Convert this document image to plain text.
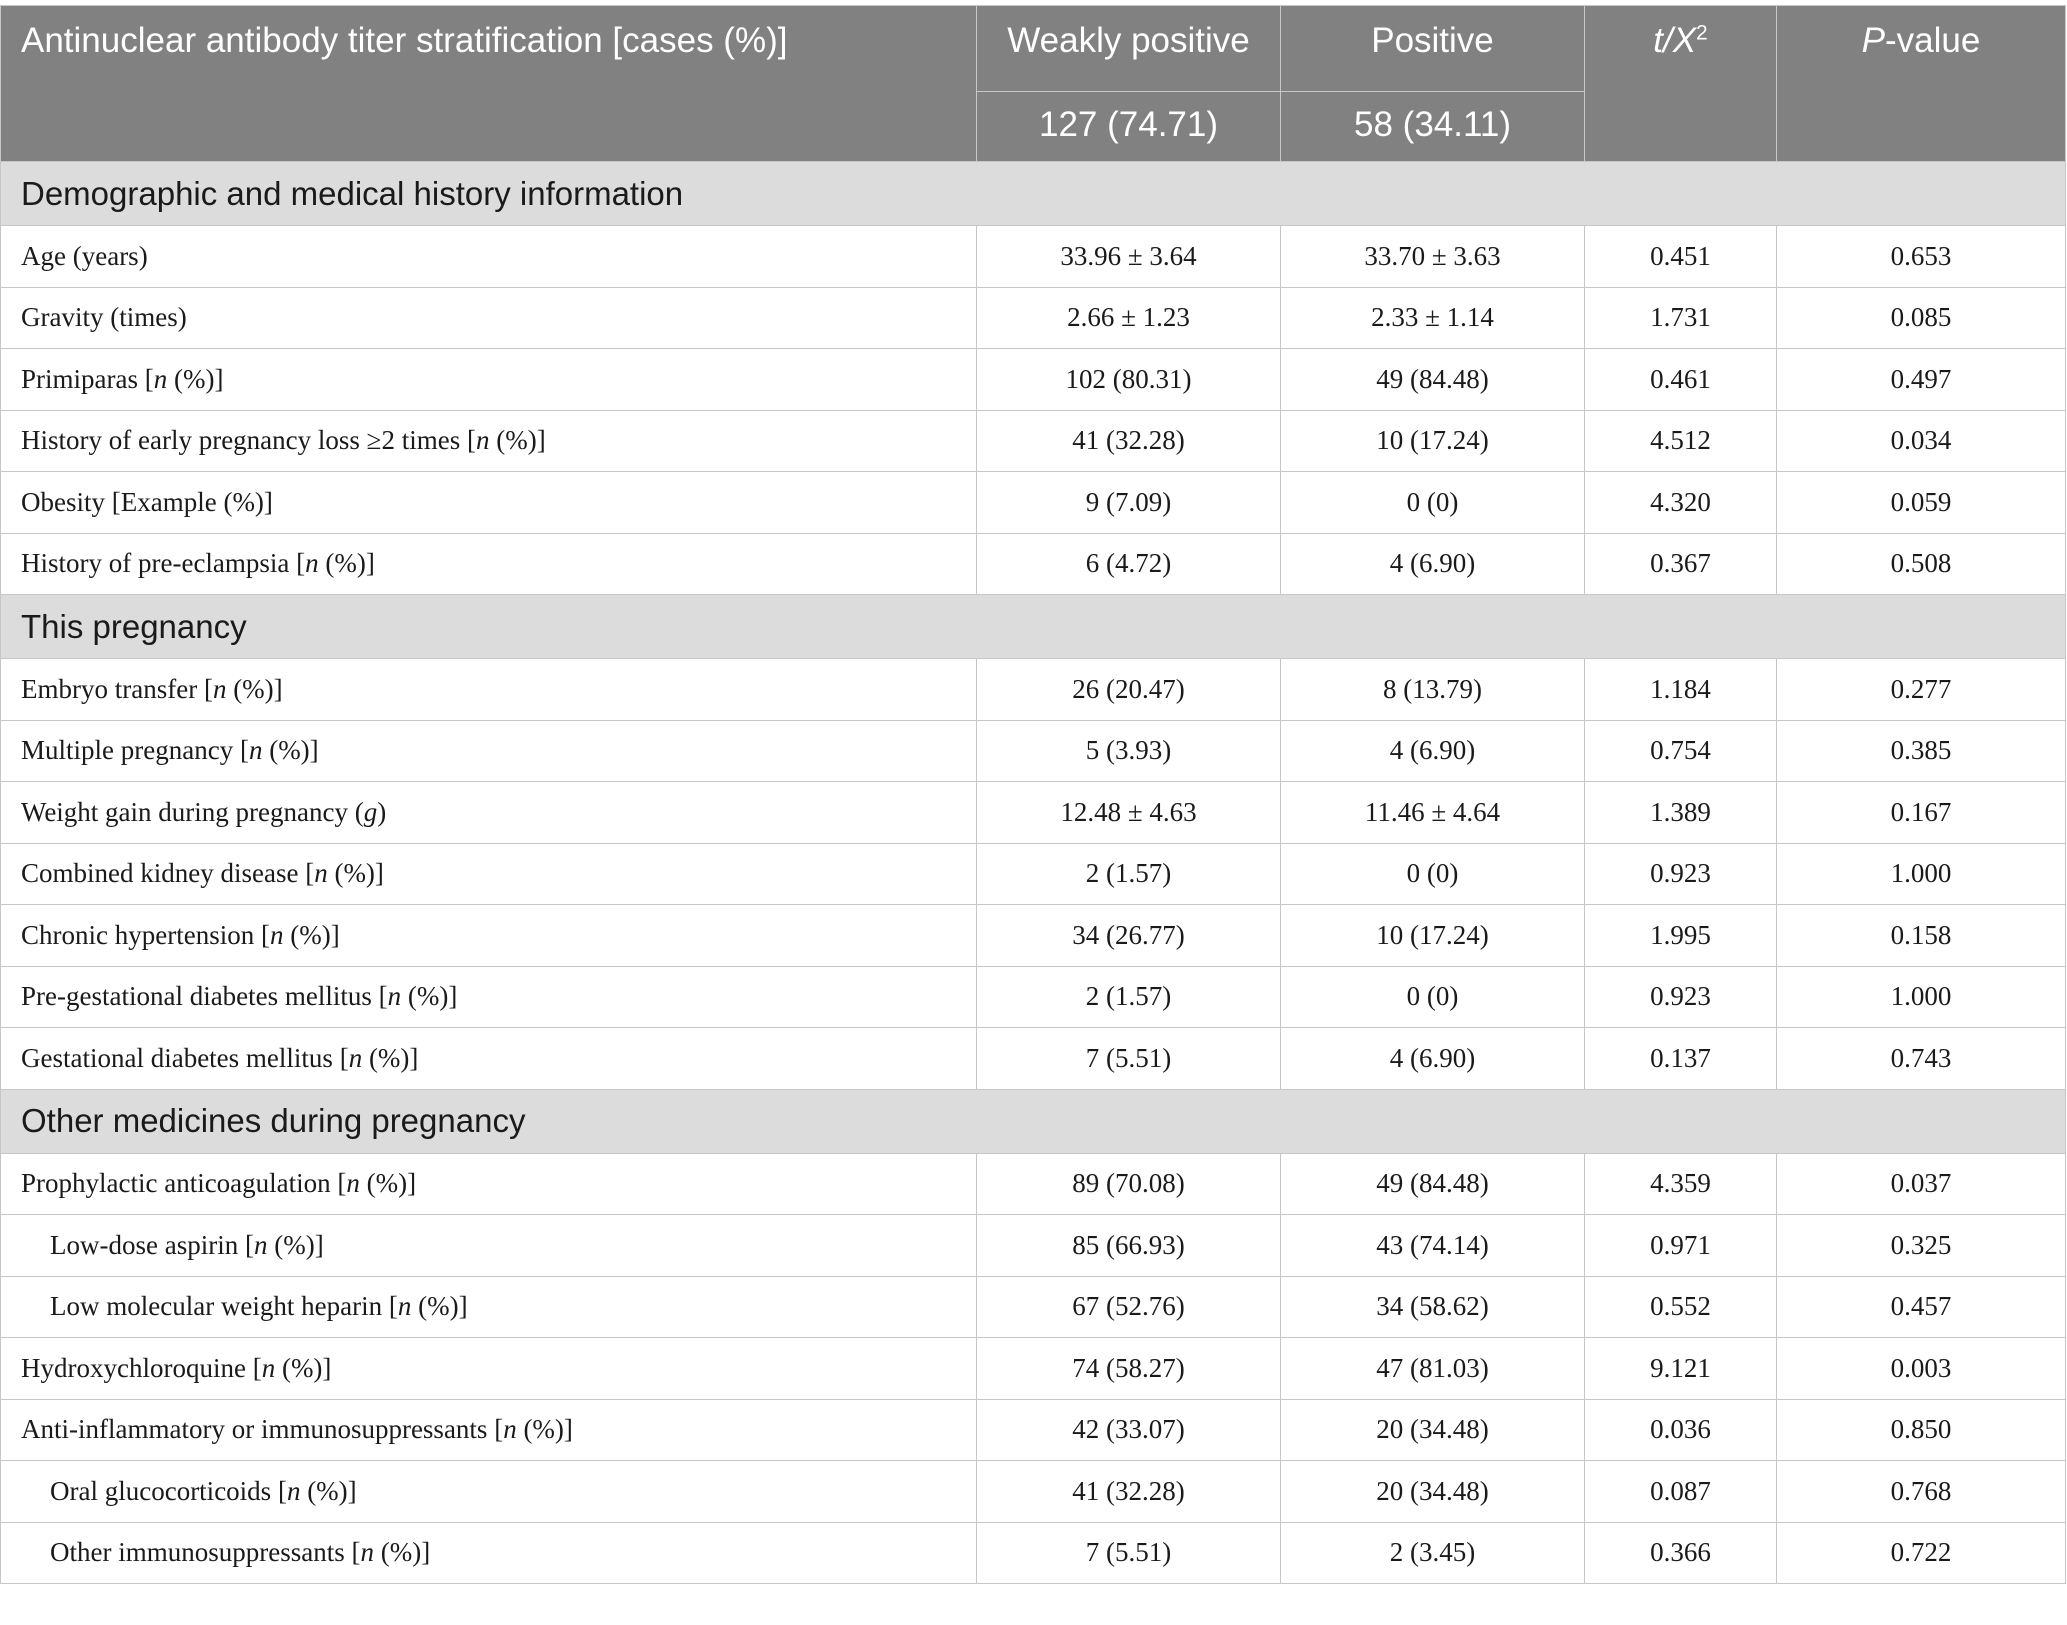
Antinuclear antibody titer stratification [cases (%)]	Weakly positive	Positive	$t/X^2$	P-value
	127 (74.71)	58 (34.11)		
Demographic and medical history information				
Age (years)	33.96 ± 3.64	33.70 ± 3.63	0.451	0.653
Gravity (times)	2.66 ± 1.23	2.33 ± 1.14	1.731	0.085
Primiparas [n (%)]	102 (80.31)	49 (84.48)	0.461	0.497
History of early pregnancy loss ≥2 times [n (%)]	41 (32.28)	10 (17.24)	4.512	0.034
Obesity [Example (%)]	9 (7.09)	0 (0)	4.320	0.059
History of pre-eclampsia [n (%)]	6 (4.72)	4 (6.90)	0.367	0.508
This pregnancy				
Embryo transfer [n (%)]	26 (20.47)	8 (13.79)	1.184	0.277
Multiple pregnancy [n (%)]	5 (3.93)	4 (6.90)	0.754	0.385
Weight gain during pregnancy (g)	12.48 ± 4.63	11.46 ± 4.64	1.389	0.167
Combined kidney disease [n (%)]	2 (1.57)	0 (0)	0.923	1.000
Chronic hypertension [n (%)]	34 (26.77)	10 (17.24)	1.995	0.158
Pre-gestational diabetes mellitus [n (%)]	2 (1.57)	0 (0)	0.923	1.000
Gestational diabetes mellitus [n (%)]	7 (5.51)	4 (6.90)	0.137	0.743
Other medicines during pregnancy				
Prophylactic anticoagulation [n (%)]	89 (70.08)	49 (84.48)	4.359	0.037
Low-dose aspirin [n (%)]	85 (66.93)	43 (74.14)	0.971	0.325
Low molecular weight heparin [n (%)]	67 (52.76)	34 (58.62)	0.552	0.457
Hydroxychloroquine [n (%)]	74 (58.27)	47 (81.03)	9.121	0.003
Anti-inflammatory or immunosuppressants [n (%)]	42 (33.07)	20 (34.48)	0.036	0.850
Oral glucocorticoids [n (%)]	41 (32.28)	20 (34.48)	0.087	0.768
Other immunosuppressants [n (%)]	7 (5.51)	2 (3.45)	0.366	0.722
